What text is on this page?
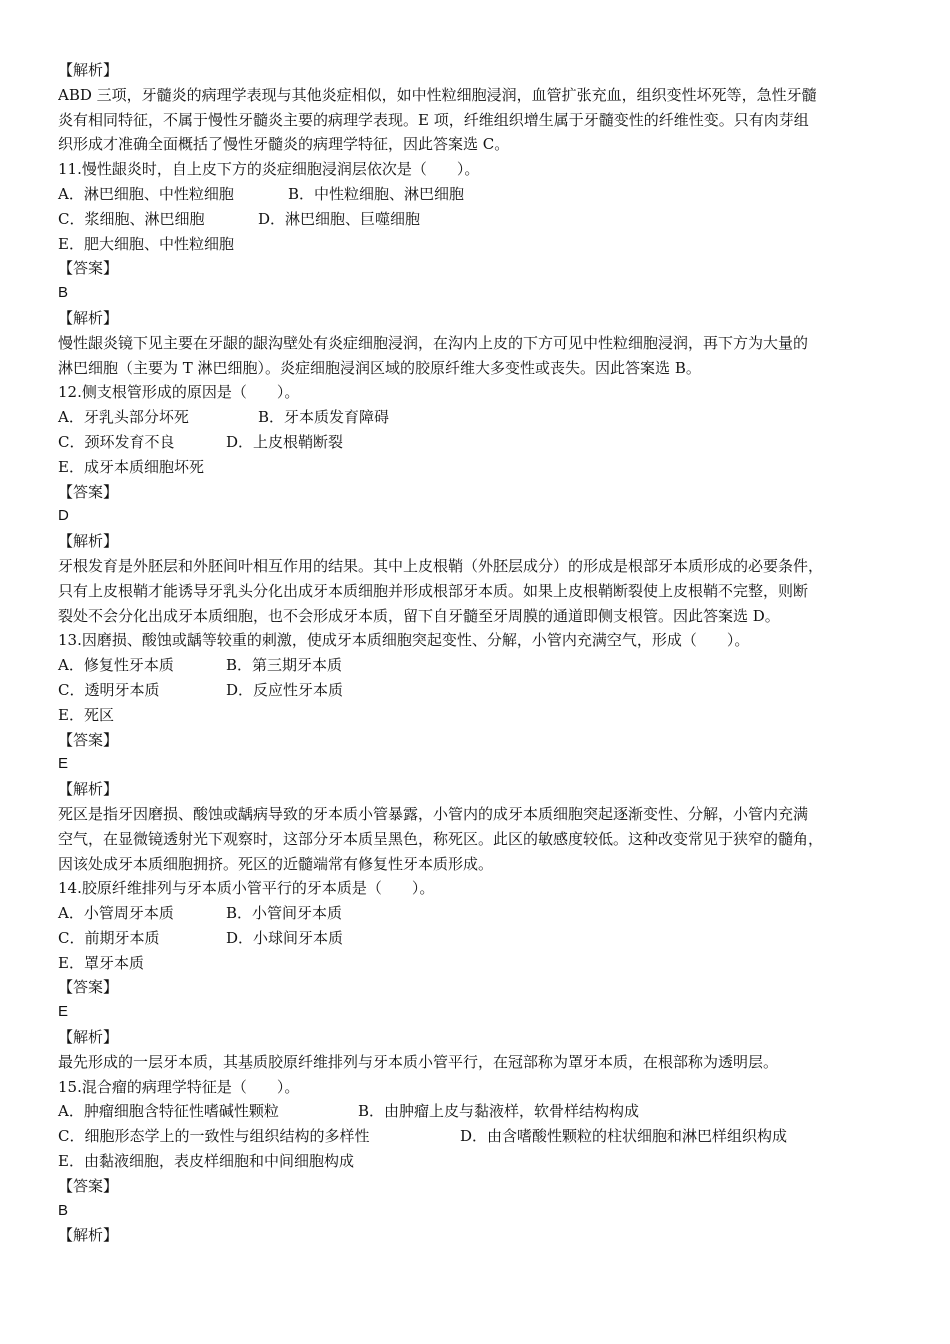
【解析】
ABD 三项，牙髓炎的病理学表现与其他炎症相似，如中性粒细胞浸润，血管扩张充血，组织变性坏死等，急性牙髓
炎有相同特征，不属于慢性牙髓炎主要的病理学表现。E 项，纤维组织增生属于牙髓变性的纤维性变。只有肉芽组
织形成才准确全面概括了慢性牙髓炎的病理学特征，因此答案选 C。
11.慢性龈炎时，自上皮下方的炎症细胞浸润层依次是（　　）。
A．淋巴细胞、中性粒细胞	B．中性粒细胞、淋巴细胞
C．浆细胞、淋巴细胞	D．淋巴细胞、巨噬细胞
E．肥大细胞、中性粒细胞
【答案】
B
【解析】
慢性龈炎镜下见主要在牙龈的龈沟壁处有炎症细胞浸润，在沟内上皮的下方可见中性粒细胞浸润，再下方为大量的
淋巴细胞（主要为 T 淋巴细胞）。炎症细胞浸润区域的胶原纤维大多变性或丧失。因此答案选 B。
12.侧支根管形成的原因是（　　）。
A．牙乳头部分坏死	B．牙本质发育障碍
C．颈环发育不良	D．上皮根鞘断裂
E．成牙本质细胞坏死
【答案】
D
【解析】
牙根发育是外胚层和外胚间叶相互作用的结果。其中上皮根鞘（外胚层成分）的形成是根部牙本质形成的必要条件，
只有上皮根鞘才能诱导牙乳头分化出成牙本质细胞并形成根部牙本质。如果上皮根鞘断裂使上皮根鞘不完整，则断
裂处不会分化出成牙本质细胞，也不会形成牙本质，留下自牙髓至牙周膜的通道即侧支根管。因此答案选 D。
13.因磨损、酸蚀或龋等较重的刺激，使成牙本质细胞突起变性、分解，小管内充满空气，形成（　　）。
A．修复性牙本质	B．第三期牙本质
C．透明牙本质	D．反应性牙本质
E．死区
【答案】
E
【解析】
死区是指牙因磨损、酸蚀或龋病导致的牙本质小管暴露，小管内的成牙本质细胞突起逐渐变性、分解，小管内充满
空气，在显微镜透射光下观察时，这部分牙本质呈黑色，称死区。此区的敏感度较低。这种改变常见于狭窄的髓角，
因该处成牙本质细胞拥挤。死区的近髓端常有修复性牙本质形成。
14.胶原纤维排列与牙本质小管平行的牙本质是（　　）。
A．小管周牙本质	B．小管间牙本质
C．前期牙本质	D．小球间牙本质
E．罩牙本质
【答案】
E
【解析】
最先形成的一层牙本质，其基质胶原纤维排列与牙本质小管平行，在冠部称为罩牙本质，在根部称为透明层。
15.混合瘤的病理学特征是（　　）。
A．肿瘤细胞含特征性嗜碱性颗粒	B．由肿瘤上皮与黏液样，软骨样结构构成
C．细胞形态学上的一致性与组织结构的多样性	D．由含嗜酸性颗粒的柱状细胞和淋巴样组织构成
E．由黏液细胞，表皮样细胞和中间细胞构成
【答案】
B
【解析】
